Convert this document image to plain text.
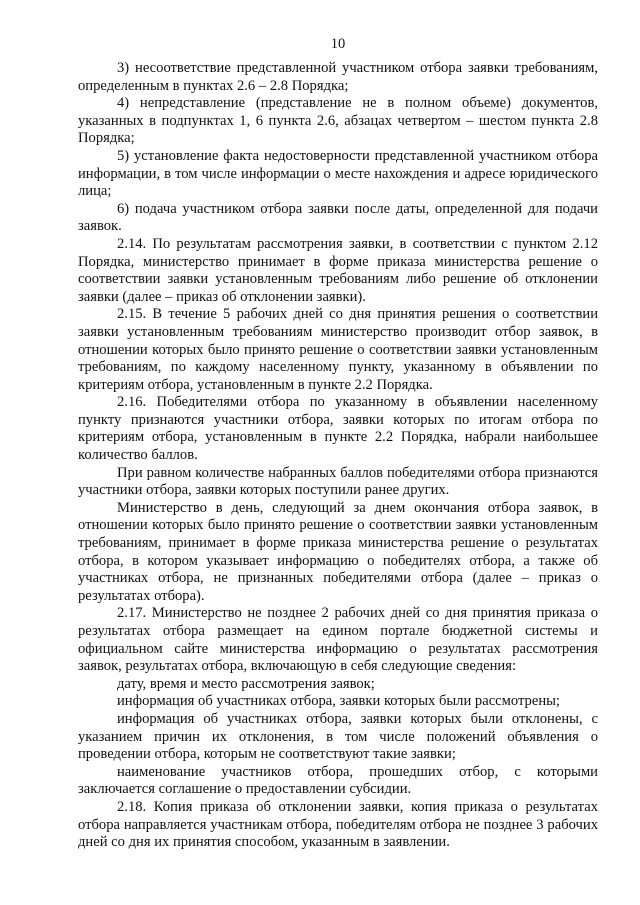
10

3) несоответствие представленной участником отбора заявки требованиям, определенным в пунктах 2.6 – 2.8 Порядка;

4) непредставление (представление не в полном объеме) документов, указанных в подпунктах 1, 6 пункта 2.6, абзацах четвертом – шестом пункта 2.8 Порядка;

5) установление факта недостоверности представленной участником отбора информации, в том числе информации о месте нахождения и адресе юридического лица;

6) подача участником отбора заявки после даты, определенной для подачи заявок.

2.14. По результатам рассмотрения заявки, в соответствии с пунктом 2.12 Порядка, министерство принимает в форме приказа министерства решение о соответствии заявки установленным требованиям либо решение об отклонении заявки (далее – приказ об отклонении заявки).

2.15. В течение 5 рабочих дней со дня принятия решения о соответствии заявки установленным требованиям министерство производит отбор заявок, в отношении которых было принято решение о соответствии заявки установленным требованиям, по каждому населенному пункту, указанному в объявлении по критериям отбора, установленным в пункте 2.2 Порядка.

2.16. Победителями отбора по указанному в объявлении населенному пункту признаются участники отбора, заявки которых по итогам отбора по критериям отбора, установленным в пункте 2.2 Порядка, набрали наибольшее количество баллов.

При равном количестве набранных баллов победителями отбора признаются участники отбора, заявки которых поступили ранее других.

Министерство в день, следующий за днем окончания отбора заявок, в отношении которых было принято решение о соответствии заявки установленным требованиям, принимает в форме приказа министерства решение о результатах отбора, в котором указывает информацию о победителях отбора, а также об участниках отбора, не признанных победителями отбора (далее – приказ о результатах отбора).

2.17. Министерство не позднее 2 рабочих дней со дня принятия приказа о результатах отбора размещает на едином портале бюджетной системы и официальном сайте министерства информацию о результатах рассмотрения заявок, результатах отбора, включающую в себя следующие сведения:

дату, время и место рассмотрения заявок;

информация об участниках отбора, заявки которых были рассмотрены;

информация об участниках отбора, заявки которых были отклонены, с указанием причин их отклонения, в том числе положений объявления о проведении отбора, которым не соответствуют такие заявки;

наименование участников отбора, прошедших отбор, с которыми заключается соглашение о предоставлении субсидии.

2.18. Копия приказа об отклонении заявки, копия приказа о результатах отбора направляется участникам отбора, победителям отбора не позднее 3 рабочих дней со дня их принятия способом, указанным в заявлении.
